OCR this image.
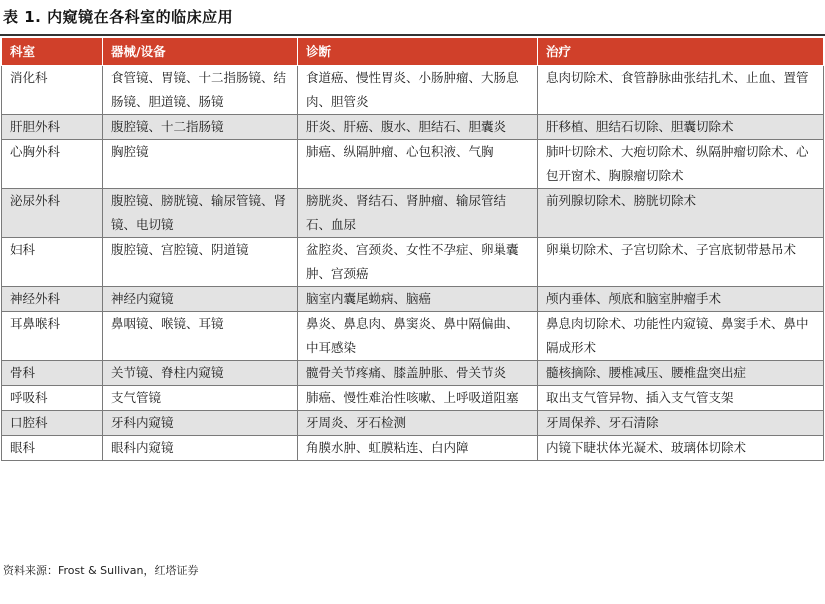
表 1. 内窥镜在各科室的临床应用
科室	器械/设备	诊断	治疗
消化科	食管镜、胃镜、十二指肠镜、结肠镜、胆道镜、肠镜	食道癌、慢性胃炎、小肠肿瘤、大肠息肉、胆管炎	息肉切除术、食管静脉曲张结扎术、止血、置管
肝胆外科	腹腔镜、十二指肠镜	肝炎、肝癌、腹水、胆结石、胆囊炎	肝移植、胆结石切除、胆囊切除术
心胸外科	胸腔镜	肺癌、纵隔肿瘤、心包积液、气胸	肺叶切除术、大疱切除术、纵隔肿瘤切除术、心包开窗术、胸腺瘤切除术
泌尿外科	腹腔镜、膀胱镜、输尿管镜、肾镜、电切镜	膀胱炎、肾结石、肾肿瘤、输尿管结石、血尿	前列腺切除术、膀胱切除术
妇科	腹腔镜、宫腔镜、阴道镜	盆腔炎、宫颈炎、女性不孕症、卵巢囊肿、宫颈癌	卵巢切除术、子宫切除术、子宫底韧带悬吊术
神经外科	神经内窥镜	脑室内囊尾蚴病、脑癌	颅内垂体、颅底和脑室肿瘤手术
耳鼻喉科	鼻咽镜、喉镜、耳镜	鼻炎、鼻息肉、鼻窦炎、鼻中隔偏曲、中耳感染	鼻息肉切除术、功能性内窥镜、鼻窦手术、鼻中隔成形术
骨科	关节镜、脊柱内窥镜	髋骨关节疼痛、膝盖肿胀、骨关节炎	髓核摘除、腰椎减压、腰椎盘突出症
呼吸科	支气管镜	肺癌、慢性难治性咳嗽、上呼吸道阻塞	取出支气管异物、插入支气管支架
口腔科	牙科内窥镜	牙周炎、牙石检测	牙周保养、牙石清除
眼科	眼科内窥镜	角膜水肿、虹膜粘连、白内障	内镜下睫状体光凝术、玻璃体切除术
资料来源：Frost & Sullivan，红塔证券
